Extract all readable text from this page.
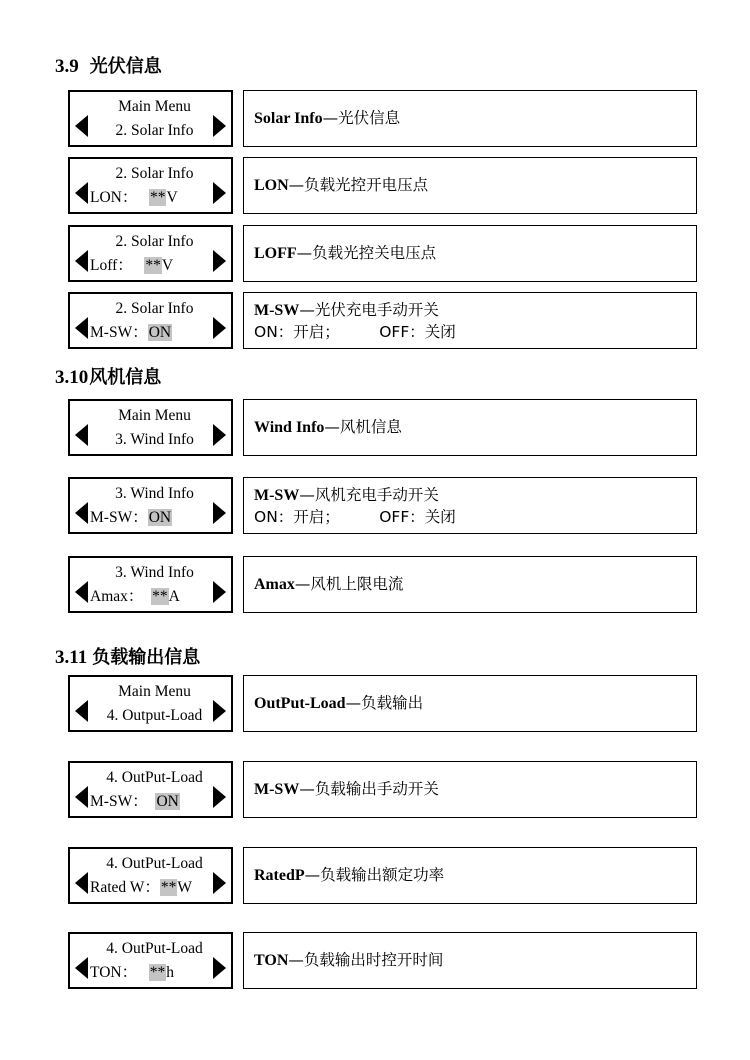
3.9 光伏信息
Main Menu
2. Solar Info
Solar Info—光伏信息
2. Solar Info
LON：   **V
LON—负载光控开电压点
2. Solar Info
Loff：   **V
LOFF—负载光控关电压点
2. Solar Info
M-SW：ON
M-SW—光伏充电手动开关
ON：开启；        OFF：关闭
3.10风机信息
Main Menu
3. Wind Info
Wind Info—风机信息
3. Wind Info
M-SW：ON
M-SW—风机充电手动开关
ON：开启；        OFF：关闭
3. Wind Info
Amax：  **A
Amax—风机上限电流
3.11 负载输出信息
Main Menu
4. Output-Load
OutPut-Load—负载输出
4. OutPut-Load
M-SW：  ON
M-SW—负载输出手动开关
4. OutPut-Load
Rated W：**W
RatedP—负载输出额定功率
4. OutPut-Load
TON：   **h
TON—负载输出时控开时间
